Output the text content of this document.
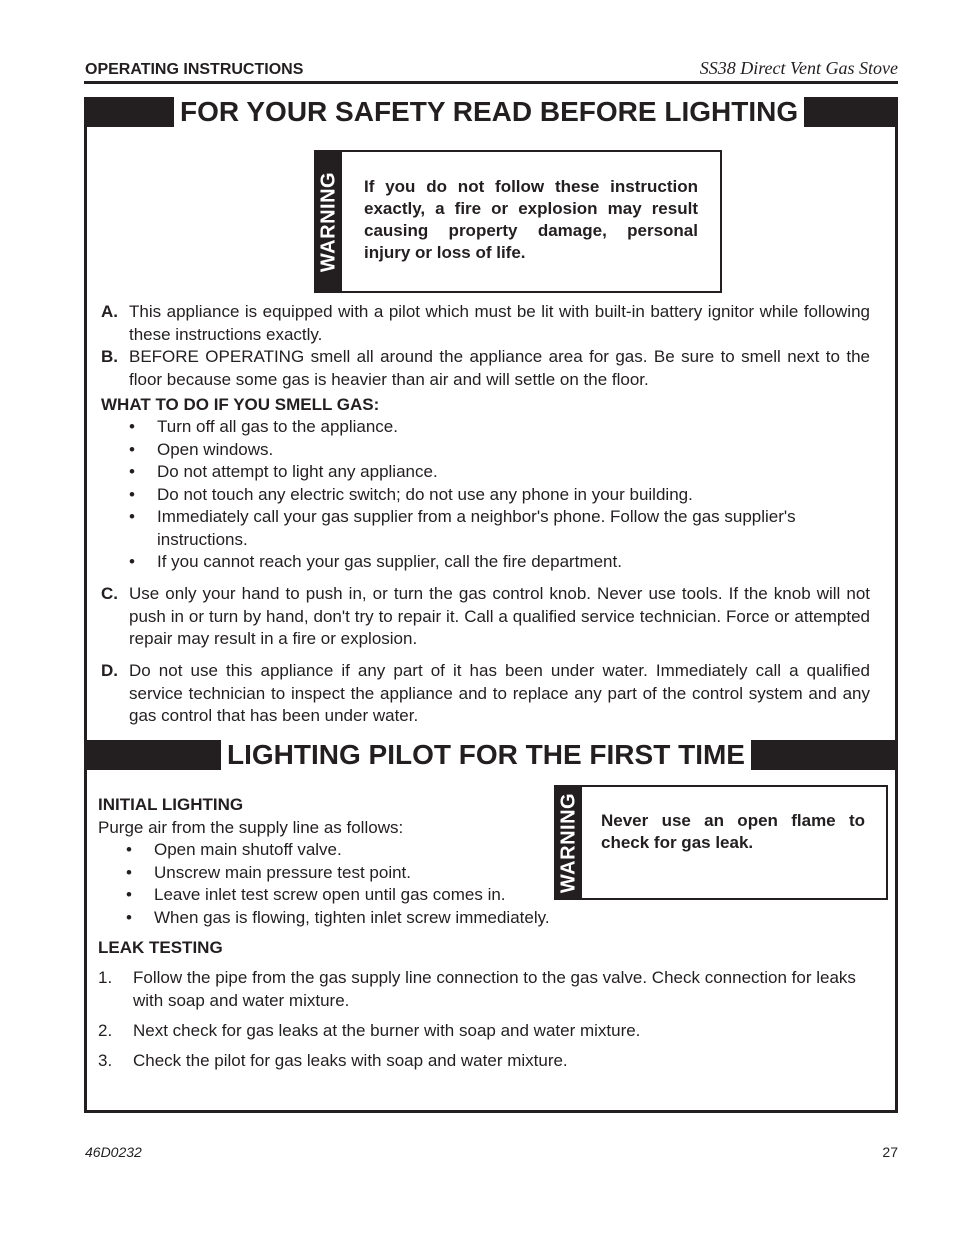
OPERATING INSTRUCTIONS	SS38 Direct Vent Gas Stove
FOR YOUR SAFETY READ BEFORE LIGHTING
WARNING If you do not follow these instruction exactly, a fire or explosion may result causing property damage, personal injury or loss of life.
A. This appliance is equipped with a pilot which must be lit with built-in battery ignitor while following these instructions exactly.
B. BEFORE OPERATING smell all around the appliance area for gas. Be sure to smell next to the floor because some gas is heavier than air and will settle on the floor.
WHAT TO DO IF YOU SMELL GAS:
• Turn off all gas to the appliance.
• Open windows.
• Do not attempt to light any appliance.
• Do not touch any electric switch; do not use any phone in your building.
• Immediately call your gas supplier from a neighbor's phone. Follow the gas supplier's instructions.
• If you cannot reach your gas supplier, call the fire department.
C. Use only your hand to push in, or turn the gas control knob. Never use tools. If the knob will not push in or turn by hand, don't try to repair it. Call a qualified service technician. Force or attempted repair may result in a fire or explosion.
D. Do not use this appliance if any part of it has been under water. Immediately call a qualified service technician to inspect the appliance and to replace any part of the control system and any gas control that has been under water.
LIGHTING PILOT FOR THE FIRST TIME
INITIAL LIGHTING
Purge air from the supply line as follows:
• Open main shutoff valve.
• Unscrew main pressure test point.
• Leave inlet test screw open until gas comes in.
• When gas is flowing, tighten inlet screw immediately.
WARNING Never use an open flame to check for gas leak.
LEAK TESTING
1. Follow the pipe from the gas supply line connection to the gas valve. Check connection for leaks with soap and water mixture.
2. Next check for gas leaks at the burner with soap and water mixture.
3. Check the pilot for gas leaks with soap and water mixture.
46D0232	27
